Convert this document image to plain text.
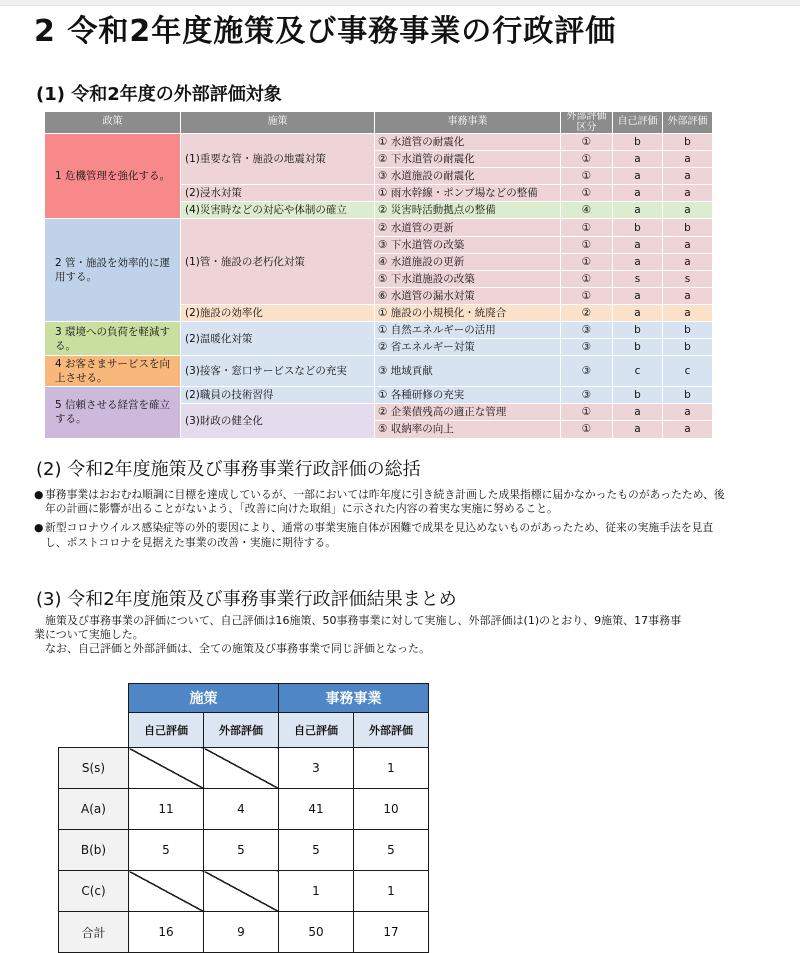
2 令和2年度施策及び事務事業の行政評価
(1) 令和2年度の外部評価対象
政策	施策	事務事業	外部評価区分	自己評価	外部評価
1 危機管理を強化する。	(1)重要な管・施設の地震対策	① 水道管の耐震化	①	b	b
		② 下水道管の耐震化	①	a	a
		③ 水道施設の耐震化	①	a	a
	(2)浸水対策	① 雨水幹線・ポンプ場などの整備	①	a	a
	(4)災害時などの対応や体制の確立	② 災害時活動拠点の整備	④	a	a
2 管・施設を効率的に運用する。	(1)管・施設の老朽化対策	② 水道管の更新	①	b	b
		③ 下水道管の改築	①	a	a
		④ 水道施設の更新	①	a	a
		⑤ 下水道施設の改築	①	s	s
		⑥ 水道管の漏水対策	①	a	a
	(2)施設の効率化	① 施設の小規模化・統廃合	②	a	a
3 環境への負荷を軽減する。	(2)温暖化対策	① 自然エネルギーの活用	③	b	b
		② 省エネルギー対策	③	b	b
4 お客さまサービスを向上させる。	(3)接客・窓口サービスなどの充実	③ 地域貢献	③	c	c
5 信頼させる経営を確立する。	(2)職員の技術習得	① 各種研修の充実	③	b	b
	(3)財政の健全化	② 企業債残高の適正な管理	①	a	a
		⑤ 収納率の向上	①	a	a
(2) 令和2年度施策及び事務事業行政評価の総括
● 事務事業はおおむね順調に目標を達成しているが、一部においては昨年度に引き続き計画した成果指標に届かなかったものがあったため、後年の計画に影響が出ることがないよう、「改善に向けた取組」に示された内容の着実な実施に努めること。
● 新型コロナウイルス感染症等の外的要因により、通常の事業実施自体が困難で成果を見込めないものがあったため、従来の実施手法を見直し、ポストコロナを見据えた事業の改善・実施に期待する。
(3) 令和2年度施策及び事務事業行政評価結果まとめ

施策及び事務事業の評価について、自己評価は16施策、50事務事業に対して実施し、外部評価は(1)のとおり、9施策、17事務事業について実施した。

なお、自己評価と外部評価は、全ての施策及び事務事業で同じ評価となった。

	施策		事務事業	
	自己評価	外部評価	自己評価	外部評価
S(s)			3	1
A(a)	11	4	41	10
B(b)	5	5	5	5
C(c)			1	1
合計	16	9	50	17
